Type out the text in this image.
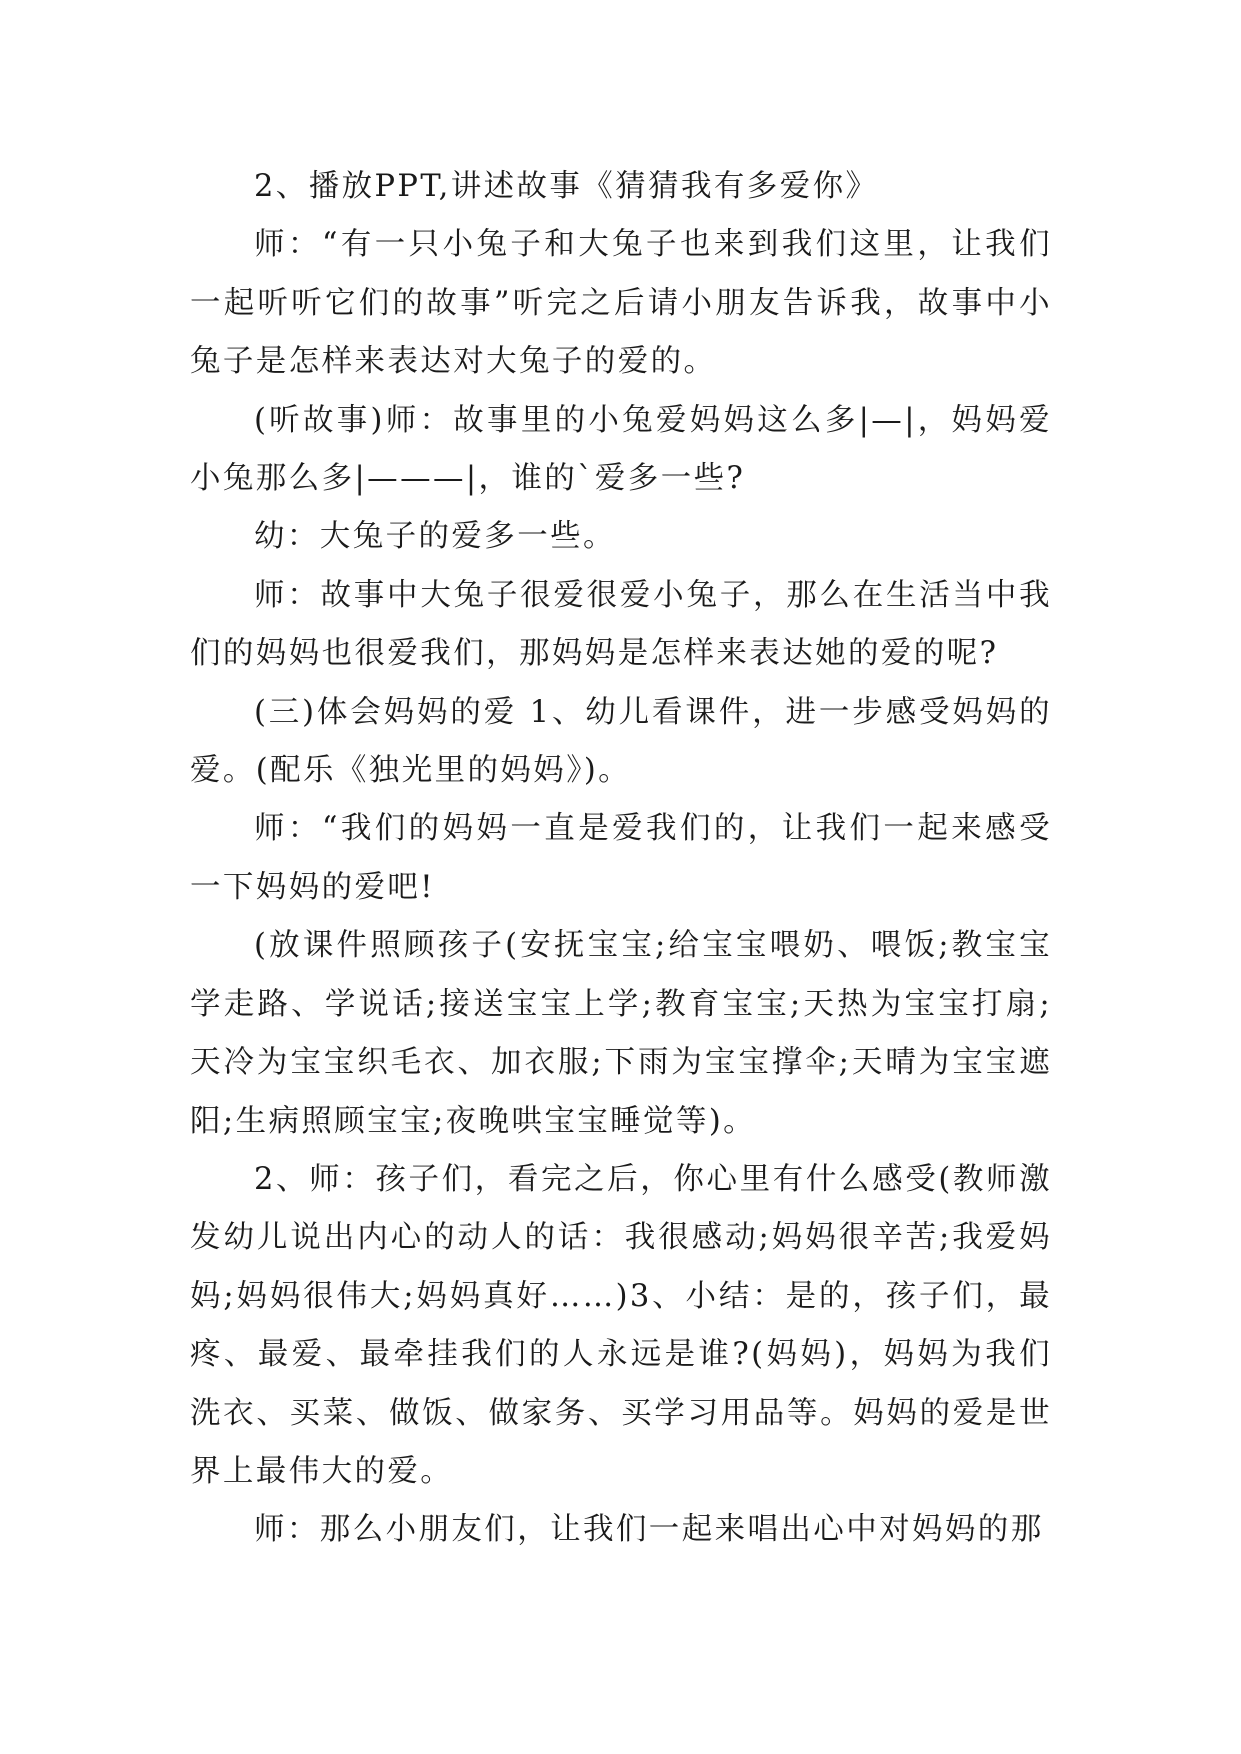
2、播放PPT,讲述故事《猜猜我有多爱你》

师：“有一只小兔子和大兔子也来到我们这里，让我们一起听听它们的故事”听完之后请小朋友告诉我，故事中小兔子是怎样来表达对大兔子的爱的。

(听故事)师：故事里的小兔爱妈妈这么多|—|，妈妈爱小兔那么多|———|，谁的`爱多一些?

幼：大兔子的爱多一些。

师：故事中大兔子很爱很爱小兔子，那么在生活当中我们的妈妈也很爱我们，那妈妈是怎样来表达她的爱的呢?

(三)体会妈妈的爱 1、幼儿看课件，进一步感受妈妈的爱。(配乐《独光里的妈妈》)。

师：“我们的妈妈一直是爱我们的，让我们一起来感受一下妈妈的爱吧!

(放课件照顾孩子(安抚宝宝;给宝宝喂奶、喂饭;教宝宝学走路、学说话;接送宝宝上学;教育宝宝;天热为宝宝打扇;天冷为宝宝织毛衣、加衣服;下雨为宝宝撑伞;天晴为宝宝遮阳;生病照顾宝宝;夜晚哄宝宝睡觉等)。

2、师：孩子们，看完之后，你心里有什么感受(教师激发幼儿说出内心的动人的话：我很感动;妈妈很辛苦;我爱妈妈;妈妈很伟大;妈妈真好……)3、小结：是的，孩子们，最疼、最爱、最牵挂我们的人永远是谁?(妈妈)，妈妈为我们洗衣、买菜、做饭、做家务、买学习用品等。妈妈的爱是世界上最伟大的爱。

师：那么小朋友们，让我们一起来唱出心中对妈妈的那
